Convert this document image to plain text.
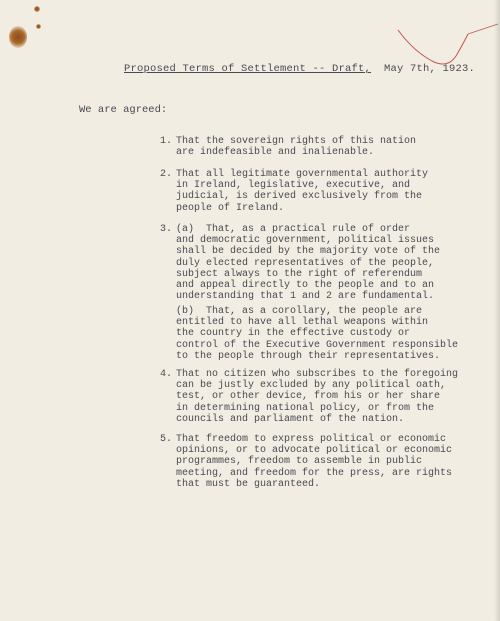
Proposed Terms of Settlement -- Draft, May 7th, 1923.
We are agreed:
1. That the sovereign rights of this nation
are indefeasible and inalienable.
2. That all legitimate governmental authority
in Ireland, legislative, executive, and
judicial, is derived exclusively from the
people of Ireland.
3. (a)  That, as a practical rule of order
and democratic government, political issues
shall be decided by the majority vote of the
duly elected representatives of the people,
subject always to the right of referendum
and appeal directly to the people and to an
understanding that 1 and 2 are fundamental.
(b)  That, as a corollary, the people are
entitled to have all lethal weapons within
the country in the effective custody or
control of the Executive Government responsible
to the people through their representatives.
4. That no citizen who subscribes to the foregoing
can be justly excluded by any political oath,
test, or other device, from his or her share
in determining national policy, or from the
councils and parliament of the nation.
5. That freedom to express political or economic
opinions, or to advocate political or economic
programmes, freedom to assemble in public
meeting, and freedom for the press, are rights
that must be guaranteed.
